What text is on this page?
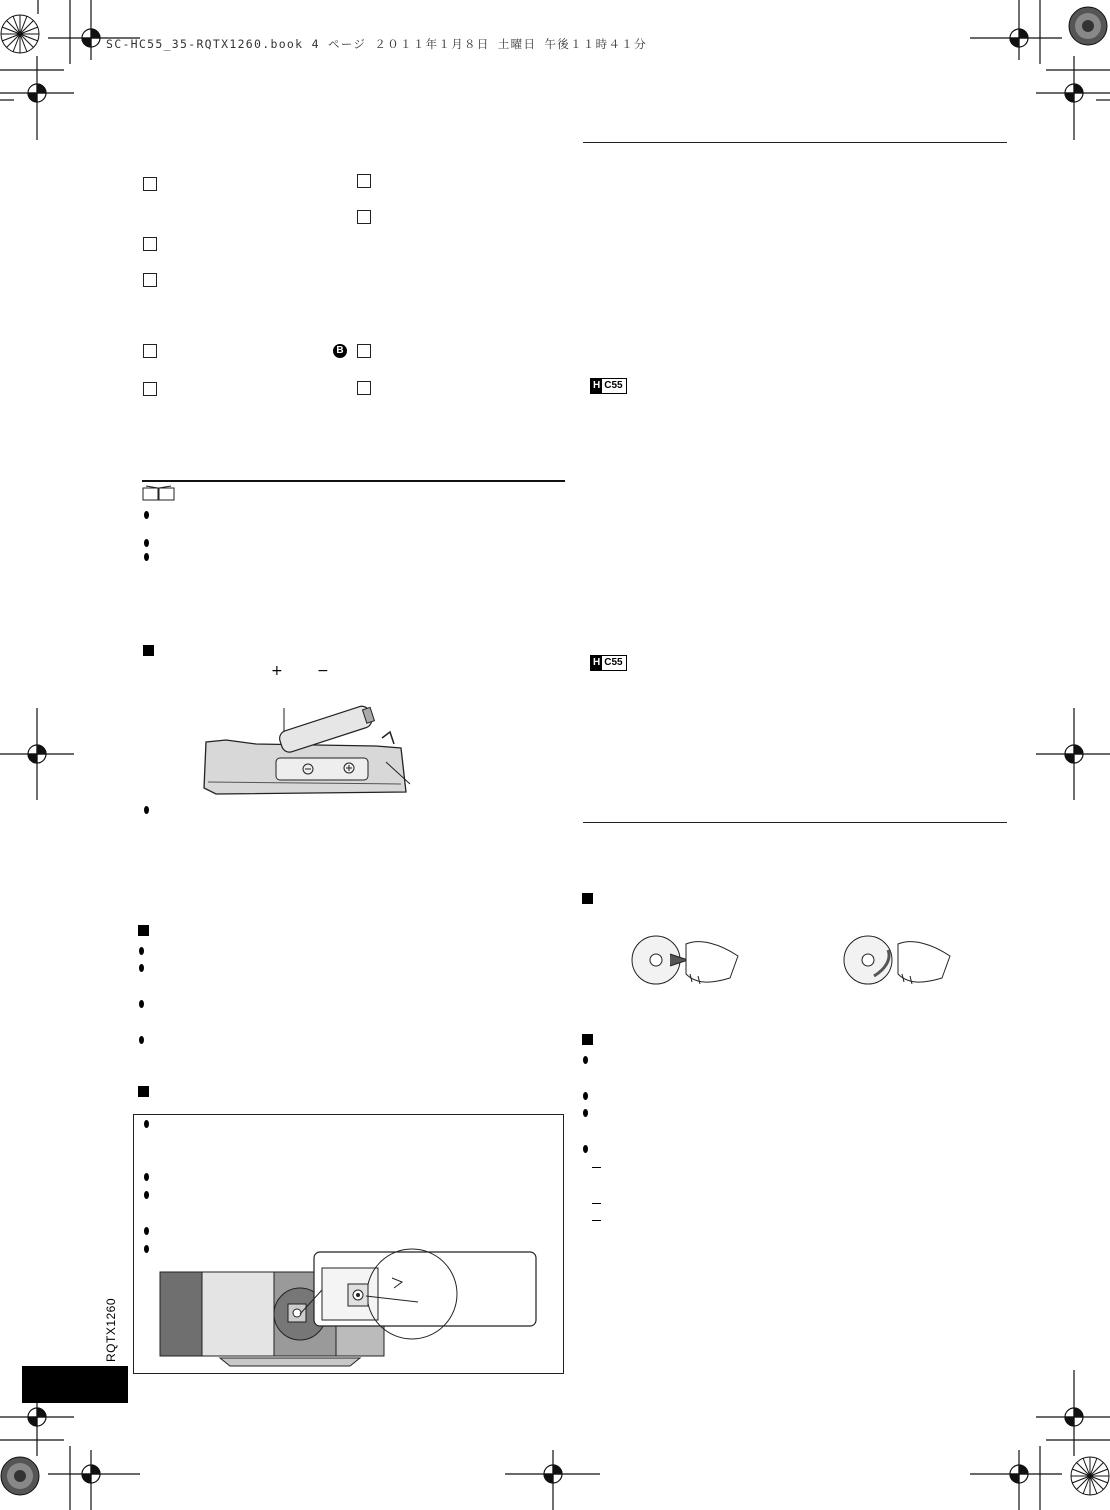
SC-HC55_35-RQTX1260.book 4 ページ ２０１１年１月８日 土曜日 午後１１時４１分
B
+ −
RQTX1260
H C55
H C55
